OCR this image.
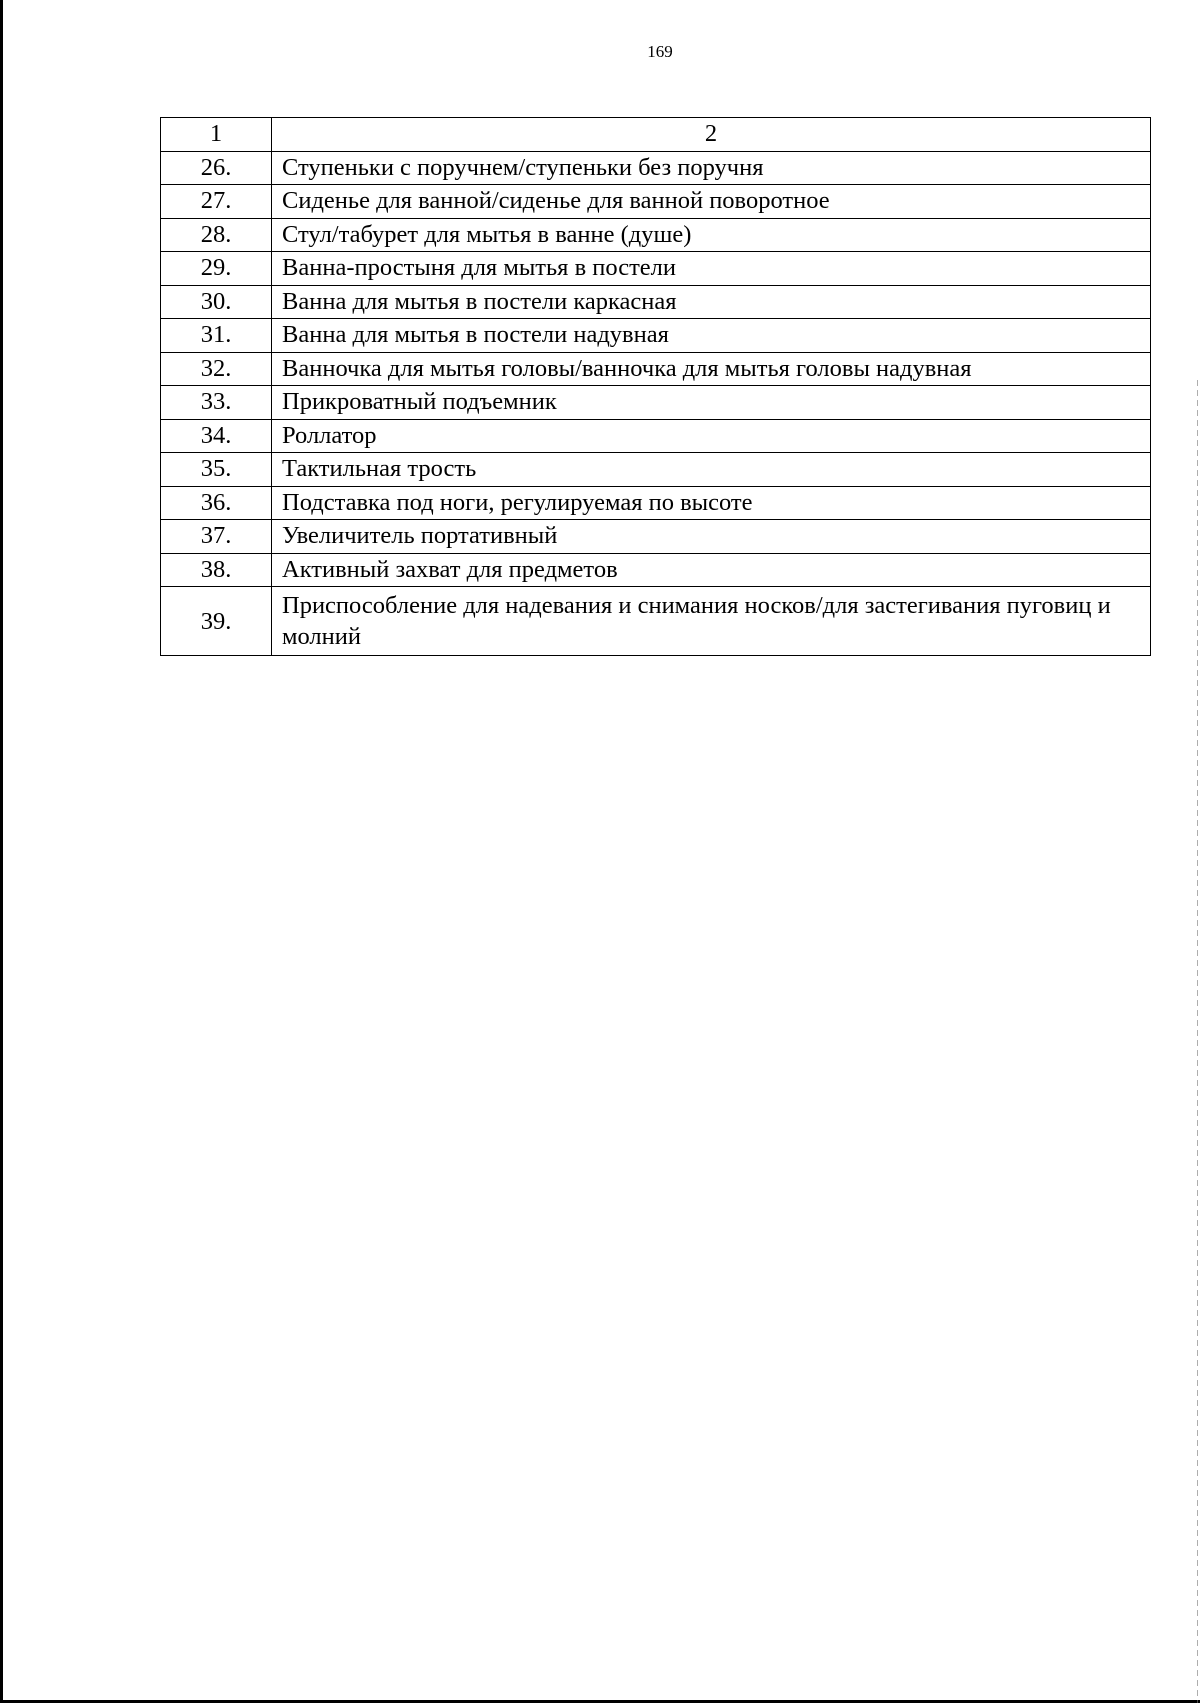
169
1	2
26.	Ступеньки с поручнем/ступеньки без поручня
27.	Сиденье для ванной/сиденье для ванной поворотное
28.	Стул/табурет для мытья в ванне (душе)
29.	Ванна-простыня для мытья в постели
30.	Ванна для мытья в постели каркасная
31.	Ванна для мытья в постели надувная
32.	Ванночка для мытья головы/ванночка для мытья головы надувная
33.	Прикроватный подъемник
34.	Роллатор
35.	Тактильная трость
36.	Подставка под ноги, регулируемая по высоте
37.	Увеличитель портативный
38.	Активный захват для предметов
39.	Приспособление для надевания и снимания носков/для застегивания пуговиц и молний
